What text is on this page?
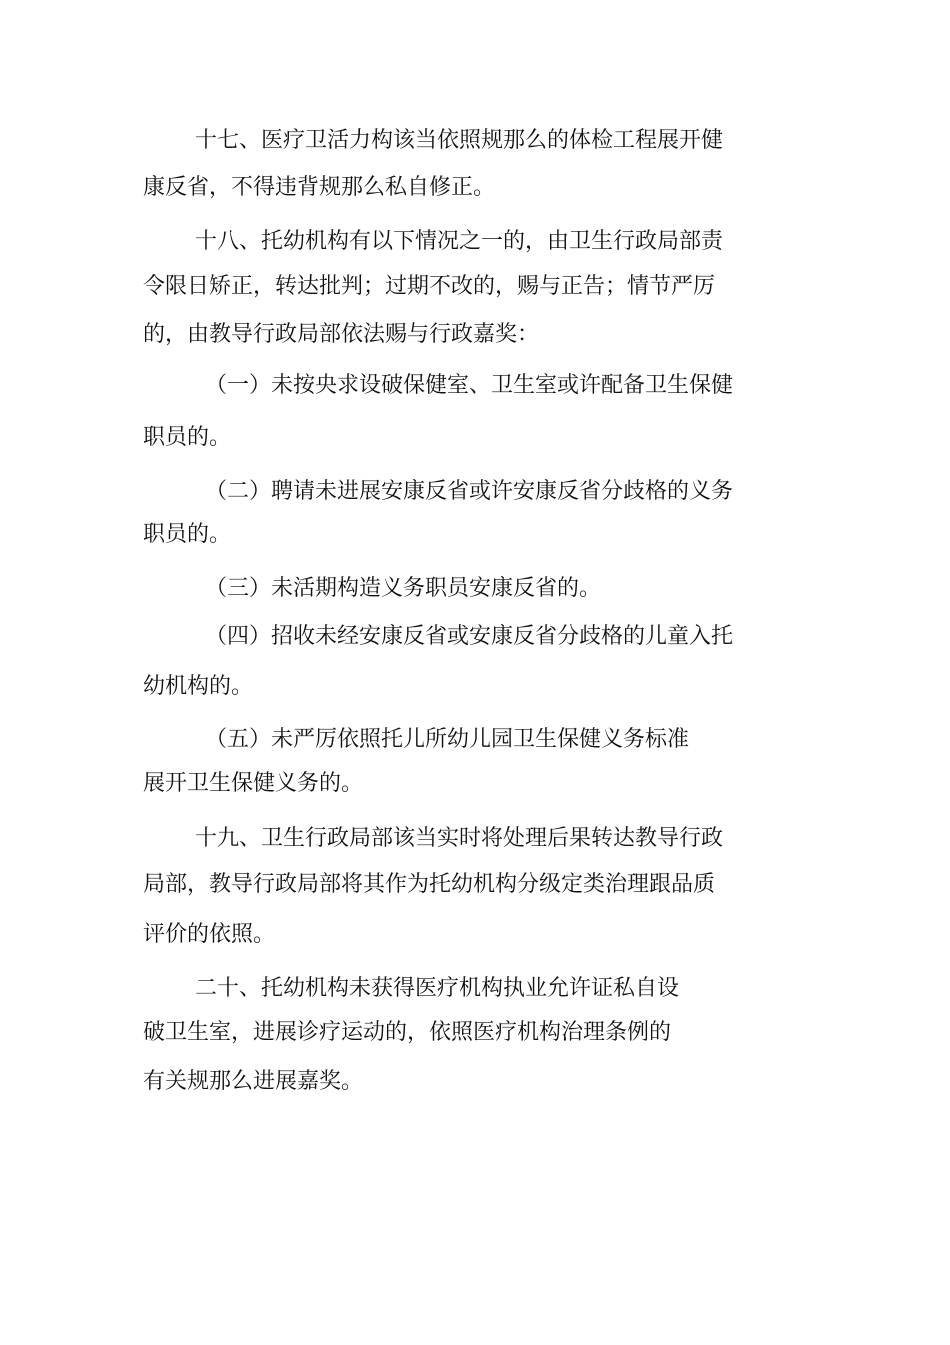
十七、医疗卫活力构该当依照规那么的体检工程展开健
康反省，不得违背规那么私自修正。
十八、托幼机构有以下情况之一的，由卫生行政局部责
令限日矫正，转达批判；过期不改的，赐与正告；情节严厉
的，由教导行政局部依法赐与行政嘉奖：
（一）未按央求设破保健室、卫生室或许配备卫生保健
职员的。
（二）聘请未进展安康反省或许安康反省分歧格的义务
职员的。
（三）未活期构造义务职员安康反省的。
（四）招收未经安康反省或安康反省分歧格的儿童入托
幼机构的。
（五）未严厉依照托儿所幼儿园卫生保健义务标准
展开卫生保健义务的。
十九、卫生行政局部该当实时将处理后果转达教导行政
局部，教导行政局部将其作为托幼机构分级定类治理跟品质
评价的依照。
二十、托幼机构未获得医疗机构执业允许证私自设
破卫生室，进展诊疗运动的，依照医疗机构治理条例的
有关规那么进展嘉奖。
